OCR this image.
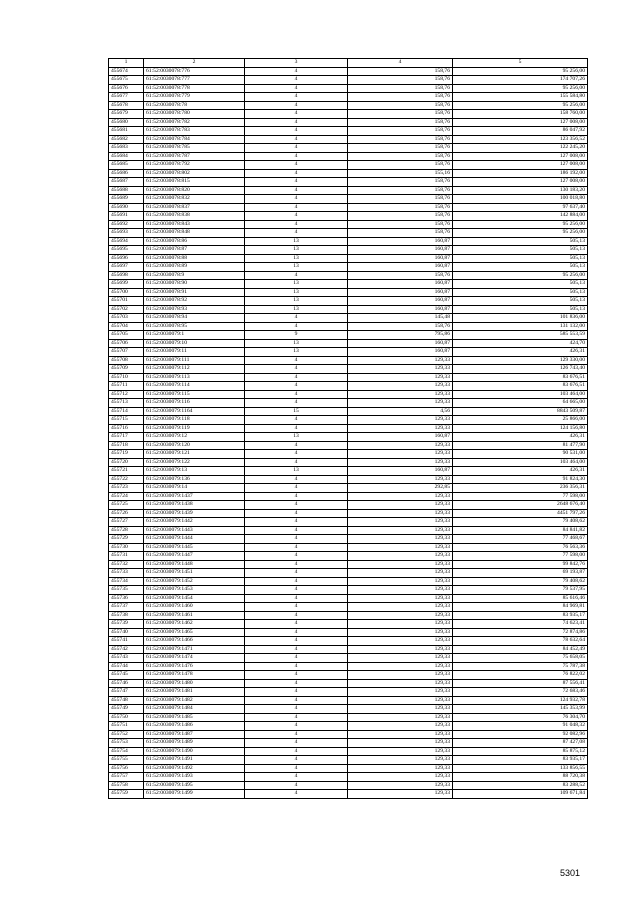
1	2	3	4	5
455674	61:52:0030078:776	4	158,76	95 256,00
455675	61:52:0030078:777	4	158,76	174 707,26
455676	61:52:0030078:778	4	158,76	95 256,00
455677	61:52:0030078:779	4	158,76	155 584,80
455678	61:52:0030078:78	4	158,76	95 256,00
455679	61:52:0030078:780	4	158,76	158 760,00
455680	61:52:0030078:782	4	158,76	127 008,00
455681	61:52:0030078:783	4	158,76	86 047,92
455682	61:52:0030078:784	4	158,76	123 356,52
455683	61:52:0030078:785	4	158,76	122 245,20
455684	61:52:0030078:787	4	158,76	127 008,00
455685	61:52:0030078:792	4	158,76	127 008,00
455686	61:52:0030078:802	4	155,16	186 192,00
455687	61:52:0030078:815	4	158,76	127 008,00
455688	61:52:0030078:820	4	158,76	130 183,20
455689	61:52:0030078:832	4	158,76	100 018,80
455690	61:52:0030078:837	4	158,76	97 637,40
455691	61:52:0030078:838	4	158,76	142 884,00
455692	61:52:0030078:843	4	158,76	95 256,00
455693	61:52:0030078:848	4	158,76	95 256,00
455694	61:52:0030078:86	13	160,87	505,13
455695	61:52:0030078:87	13	160,87	505,13
455696	61:52:0030078:88	13	160,87	505,13
455697	61:52:0030078:89	13	160,87	505,13
455698	61:52:0030078:9	4	158,76	95 256,00
455699	61:52:0030078:90	13	160,87	505,13
455700	61:52:0030078:91	13	160,87	505,13
455701	61:52:0030078:92	13	160,87	505,13
455702	61:52:0030078:93	13	160,87	505,13
455703	61:52:0030078:94	4	145,48	101 836,00
455704	61:52:0030078:95	4	158,76	131 132,00
455705	61:52:0030079:1	9	795,86	585 553,59
455706	61:52:0030079:10	13	160,87	424,70
455707	61:52:0030079:11	13	160,87	426,31
455708	61:52:0030079:111	4	129,33	129 330,00
455709	61:52:0030079:112	4	129,33	126 743,40
455710	61:52:0030079:113	4	129,33	83 676,51
455711	61:52:0030079:114	4	129,33	83 676,51
455712	61:52:0030079:115	4	129,33	103 464,00
455713	61:52:0030079:116	4	129,33	64 665,00
455714	61:52:0030079:1164	15	4,56	8843 509,87
455715	61:52:0030079:118	4	129,33	25 866,00
455716	61:52:0030079:119	4	129,33	124 156,80
455717	61:52:0030079:12	13	160,87	426,31
455718	61:52:0030079:120	4	129,33	81 477,90
455719	61:52:0030079:121	4	129,33	90 531,00
455720	61:52:0030079:122	4	129,33	103 464,00
455721	61:52:0030079:13	13	160,87	426,31
455722	61:52:0030079:136	4	129,33	91 824,30
455723	61:52:0030079:14	4	292,85	236 356,31
455724	61:52:0030079:1437	4	129,33	77 598,00
455725	61:52:0030079:1438	4	129,33	2648 676,40
455726	61:52:0030079:1439	4	129,33	4451 797,26
455727	61:52:0030079:1442	4	129,33	79 408,62
455728	61:52:0030079:1443	4	129,33	84 841,82
455729	61:52:0030079:1444	4	129,33	77 468,67
455730	61:52:0030079:1445	4	129,33	76 563,36
455731	61:52:0030079:1447	4	129,33	77 598,00
455732	61:52:0030079:1448	4	129,33	99 842,76
455733	61:52:0030079:1451	4	129,33	69 193,87
455734	61:52:0030079:1452	4	129,33	79 408,62
455735	61:52:0030079:1453	4	129,33	79 537,95
455736	61:52:0030079:1454	4	129,33	85 616,46
455737	61:52:0030079:1460	4	129,33	84 969,81
455738	61:52:0030079:1461	4	129,33	83 935,17
455739	61:52:0030079:1462	4	129,33	74 623,41
455740	61:52:0030079:1465	4	129,33	72 874,86
455741	61:52:0030079:1466	4	129,33	78 632,64
455742	61:52:0030079:1471	4	129,33	84 452,49
455743	61:52:0030079:1474	4	129,33	75 658,05
455744	61:52:0030079:1476	4	129,33	75 787,38
455745	61:52:0030079:1478	4	129,33	76 822,02
455746	61:52:0030079:1480	4	129,33	87 556,41
455747	61:52:0030079:1481	4	129,33	72 683,46
455748	61:52:0030079:1482	4	129,33	124 932,78
455749	61:52:0030079:1484	4	129,33	145 353,99
455750	61:52:0030079:1485	4	129,33	76 304,70
455751	61:52:0030079:1486	4	129,33	91 048,32
455752	61:52:0030079:1487	4	129,33	92 082,96
455753	61:52:0030079:1489	4	129,33	87 427,08
455754	61:52:0030079:1490	4	129,33	85 875,12
455755	61:52:0030079:1491	4	129,33	83 935,17
455756	61:52:0030079:1492	4	129,33	133 856,55
455757	61:52:0030079:1493	4	129,33	88 720,38
455758	61:52:0030079:1495	4	129,33	83 288,52
455759	61:52:0030079:1499	4	129,33	109 671,84
5301
